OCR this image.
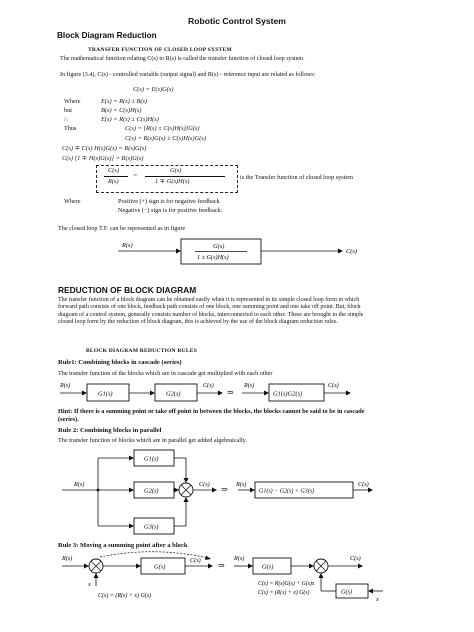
Robotic Control System
Block Diagram Reduction
TRANSFER FUNCTION OF CLOSED LOOP SYSTEM
The mathematical function relating C(s) to R(s) is called the transfer function of closed loop system.
In figure (3.4), C(s) - controlled variable (output signal) and R(s) - reference input are related as follows:
C(s) = E(s)G(s)
Where	E(s) = R(s) ± B(s)
but	B(s) = C(s)H(s)
∴	E(s) = R(s) ± C(s)H(s)
Thus	C(s) = [R(s) ± C(s)H(s)]G(s)
C(s) = R(s)G(s) ± C(s)H(s)G(s)
C(s) ∓ C(s) H(s)G(s) = R(s)G(s)
C(s) [1 ∓ H(s)G(s)] = R(s)G(s)
C(s)
R(s)
=
G(s)
1 ∓ G(s)H(s)
is the Transfer function of closed loop system
Where	Positive (+) sign is for negative feedback
Negative (−) sign is for positive feedback.
The closed loop T.F. can be represented as in figure
R(s)	G(s)
1 ± G(s)H(s)
C(s)
REDUCTION OF BLOCK DIAGRAM
The transfer function of a block diagram can be obtained easily when it is represented in its simple closed loop form in which forward path consists of one block, feedback path consists of one block, one summing point and one take off point. But, block diagram of a control system, generally consists number of blocks, interconnected to each other. These are brought to the simple closed loop form by the reduction of block diagram, this is achieved by the use of the block diagram reduction rules.
BLOCK DIAGRAM REDUCTION RULES
Rule1: Combining blocks in cascade (series)
The transfer function of the blocks which are in cascade get multiplied with each other
R(s)
G1(s)	G2(s)
C(s)
⇒
R(s)
G1(s)G2(s)
C(s)
Hint: If there is a summing point or take off point in between the blocks, the blocks cannot be said to be in cascade (series).
Rule 2: Combining blocks in parallel
The transfer function of blocks which are in parallel get added algebraically.
G1(s)
G2(s)
G3(s)
R(s)	C(s)
⇒
R(s)
G1(s) − G2(s) + G3(s)
C(s)
Rule 3: Moving a summing point after a block
R(s)
x
G(s)
C(s)
C(s) = (R(s) + x) G(s)
⇒
R(s)
G(s)
C(s)
G(s)
x
C(s) = R(s)G(s) + G(s)x
C(s) = (R(s) + x) G(s)
